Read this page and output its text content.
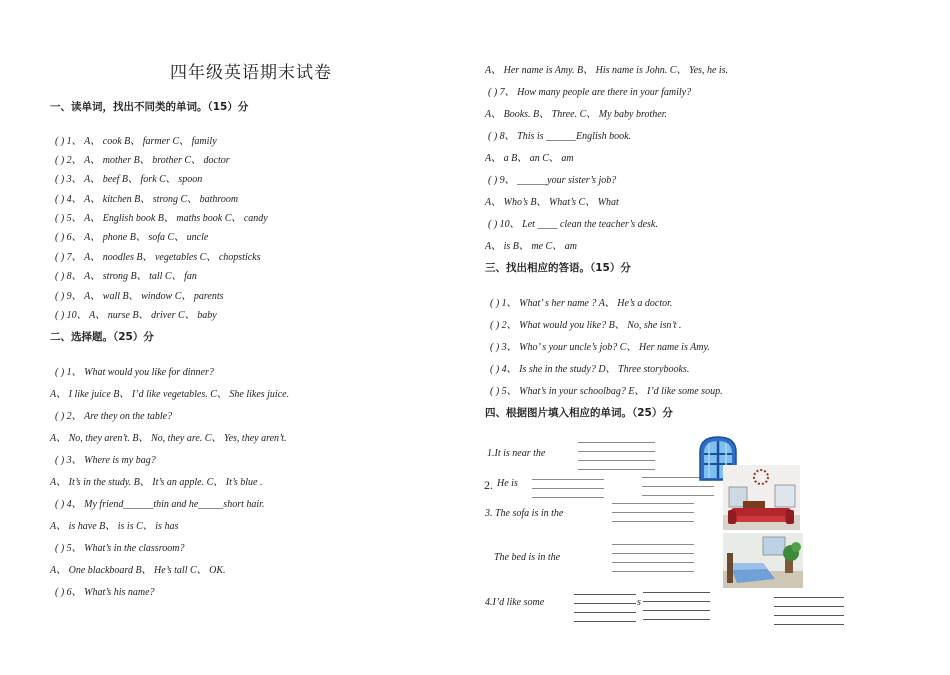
四年级英语期末试卷
一、读单词，找出不同类的单词。（15）分
( ) 1、 A、 cook B、 farmer C、 family
( ) 2、 A、 mother B、 brother C、 doctor
( ) 3、 A、 beef B、 fork C、 spoon
( ) 4、 A、 kitchen B、 strong C、 bathroom
( ) 5、 A、 English book B、 maths book C、 candy
( ) 6、 A、 phone B、 sofa C、 uncle
( ) 7、 A、 noodles B、 vegetables C、 chopsticks
( ) 8、 A、 strong B、 tall C、 fan
( ) 9、 A、 wall B、 window C、 parents
( ) 10、 A、 nurse B、 driver C、 baby
二、选择题。（25）分
( ) 1、 What would you like for dinner?
A、 I like juice B、 I’d like vegetables. C、 She likes juice.
( ) 2、 Are they on the table?
A、 No, they aren’t. B、 No, they are. C、 Yes, they aren’t.
( ) 3、 Where is my bag?
A、 It’s in the study. B、 It’s an apple. C、 It’s blue .
( ) 4、 My friend______thin and he_____short hair.
A、 is have B、 is is C、 is has
( ) 5、 What’s in the classroom?
A、 One blackboard B、 He’s tall C、 OK.
( ) 6、 What’s his name?
A、 Her name is Amy. B、 His name is John. C、 Yes, he is.
( ) 7、 How many people are there in your family?
A、 Books. B、 Three. C、 My baby brother.
( ) 8、 This is ______English book.
A、 a B、 an C、 am
( ) 9、 ______your sister’s job?
A、 Who’s B、 What’s C、 What
( ) 10、 Let ____ clean the teacher’s desk.
A、 is B、 me C、 am
三、找出相应的答语。（15）分
( ) 1、 What’ s her name ? A、 He’s a doctor.
( ) 2、 What would you like? B、 No, she isn’t .
( ) 3、 Who’ s your uncle’s job? C、 Her name is Amy.
( ) 4、 Is she in the study? D、 Three storybooks.
( ) 5、 What’s in your schoolbag? E、 I’d like some soup.
四、根据图片填入相应的单词。（25）分
1.It is near the
2. He is
3. The sofa is in the
The bed is in the
4.I’d like some	s
